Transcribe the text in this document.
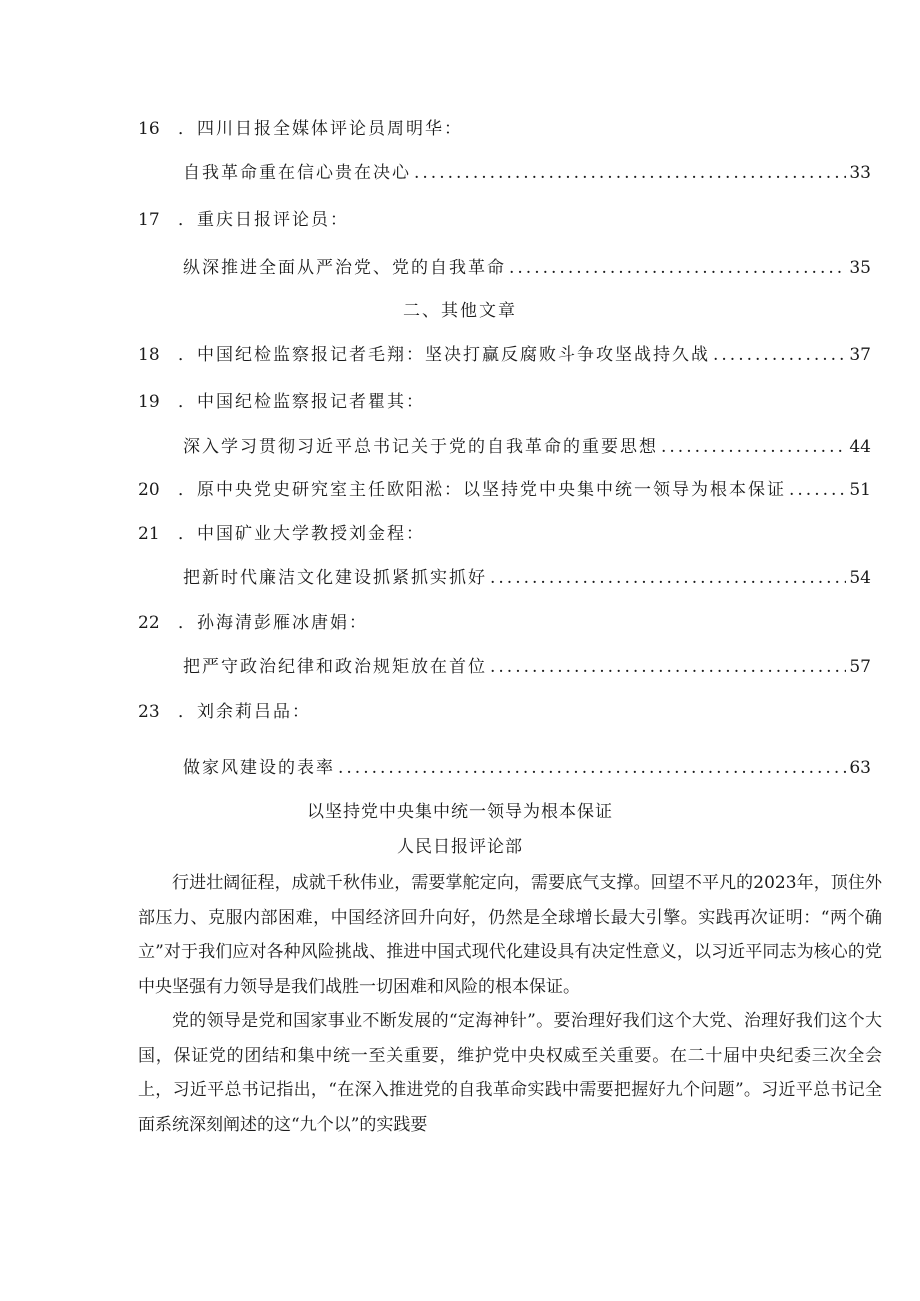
16 ．四川日报全媒体评论员周明华：
自我革命重在信心贵在决心 .....	33
17 ．重庆日报评论员：
纵深推进全面从严治党、党的自我革命 .....	35
二、其他文章
18	． 中国纪检监察报记者毛翔：坚决打赢反腐败斗争攻坚战持久战 .....	37
19 ．中国纪检监察报记者瞿其：
深入学习贯彻习近平总书记关于党的自我革命的重要思想 .....	44
20	． 原中央党史研究室主任欧阳淞：以坚持党中央集中统一领导为根本保证 .....	51
21 ．中国矿业大学教授刘金程：
把新时代廉洁文化建设抓紧抓实抓好 .....	54
22 ．孙海清彭雁冰唐娟：
把严守政治纪律和政治规矩放在首位 .....	57
23 ．刘余莉吕品：
做家风建设的表率 .....	63
以坚持党中央集中统一领导为根本保证
人民日报评论部

行进壮阔征程，成就千秋伟业，需要掌舵定向，需要底气支撑。回望不平凡的2023年，顶住外部压力、克服内部困难，中国经济回升向好，仍然是全球增长最大引擎。实践再次证明：“两个确立”对于我们应对各种风险挑战、推进中国式现代化建设具有决定性意义，以习近平同志为核心的党中央坚强有力领导是我们战胜一切困难和风险的根本保证。

党的领导是党和国家事业不断发展的“定海神针”。要治理好我们这个大党、治理好我们这个大国，保证党的团结和集中统一至关重要，维护党中央权威至关重要。在二十届中央纪委三次全会上，习近平总书记指出，“在深入推进党的自我革命实践中需要把握好九个问题”。习近平总书记全面系统深刻阐述的这“九个以”的实践要
